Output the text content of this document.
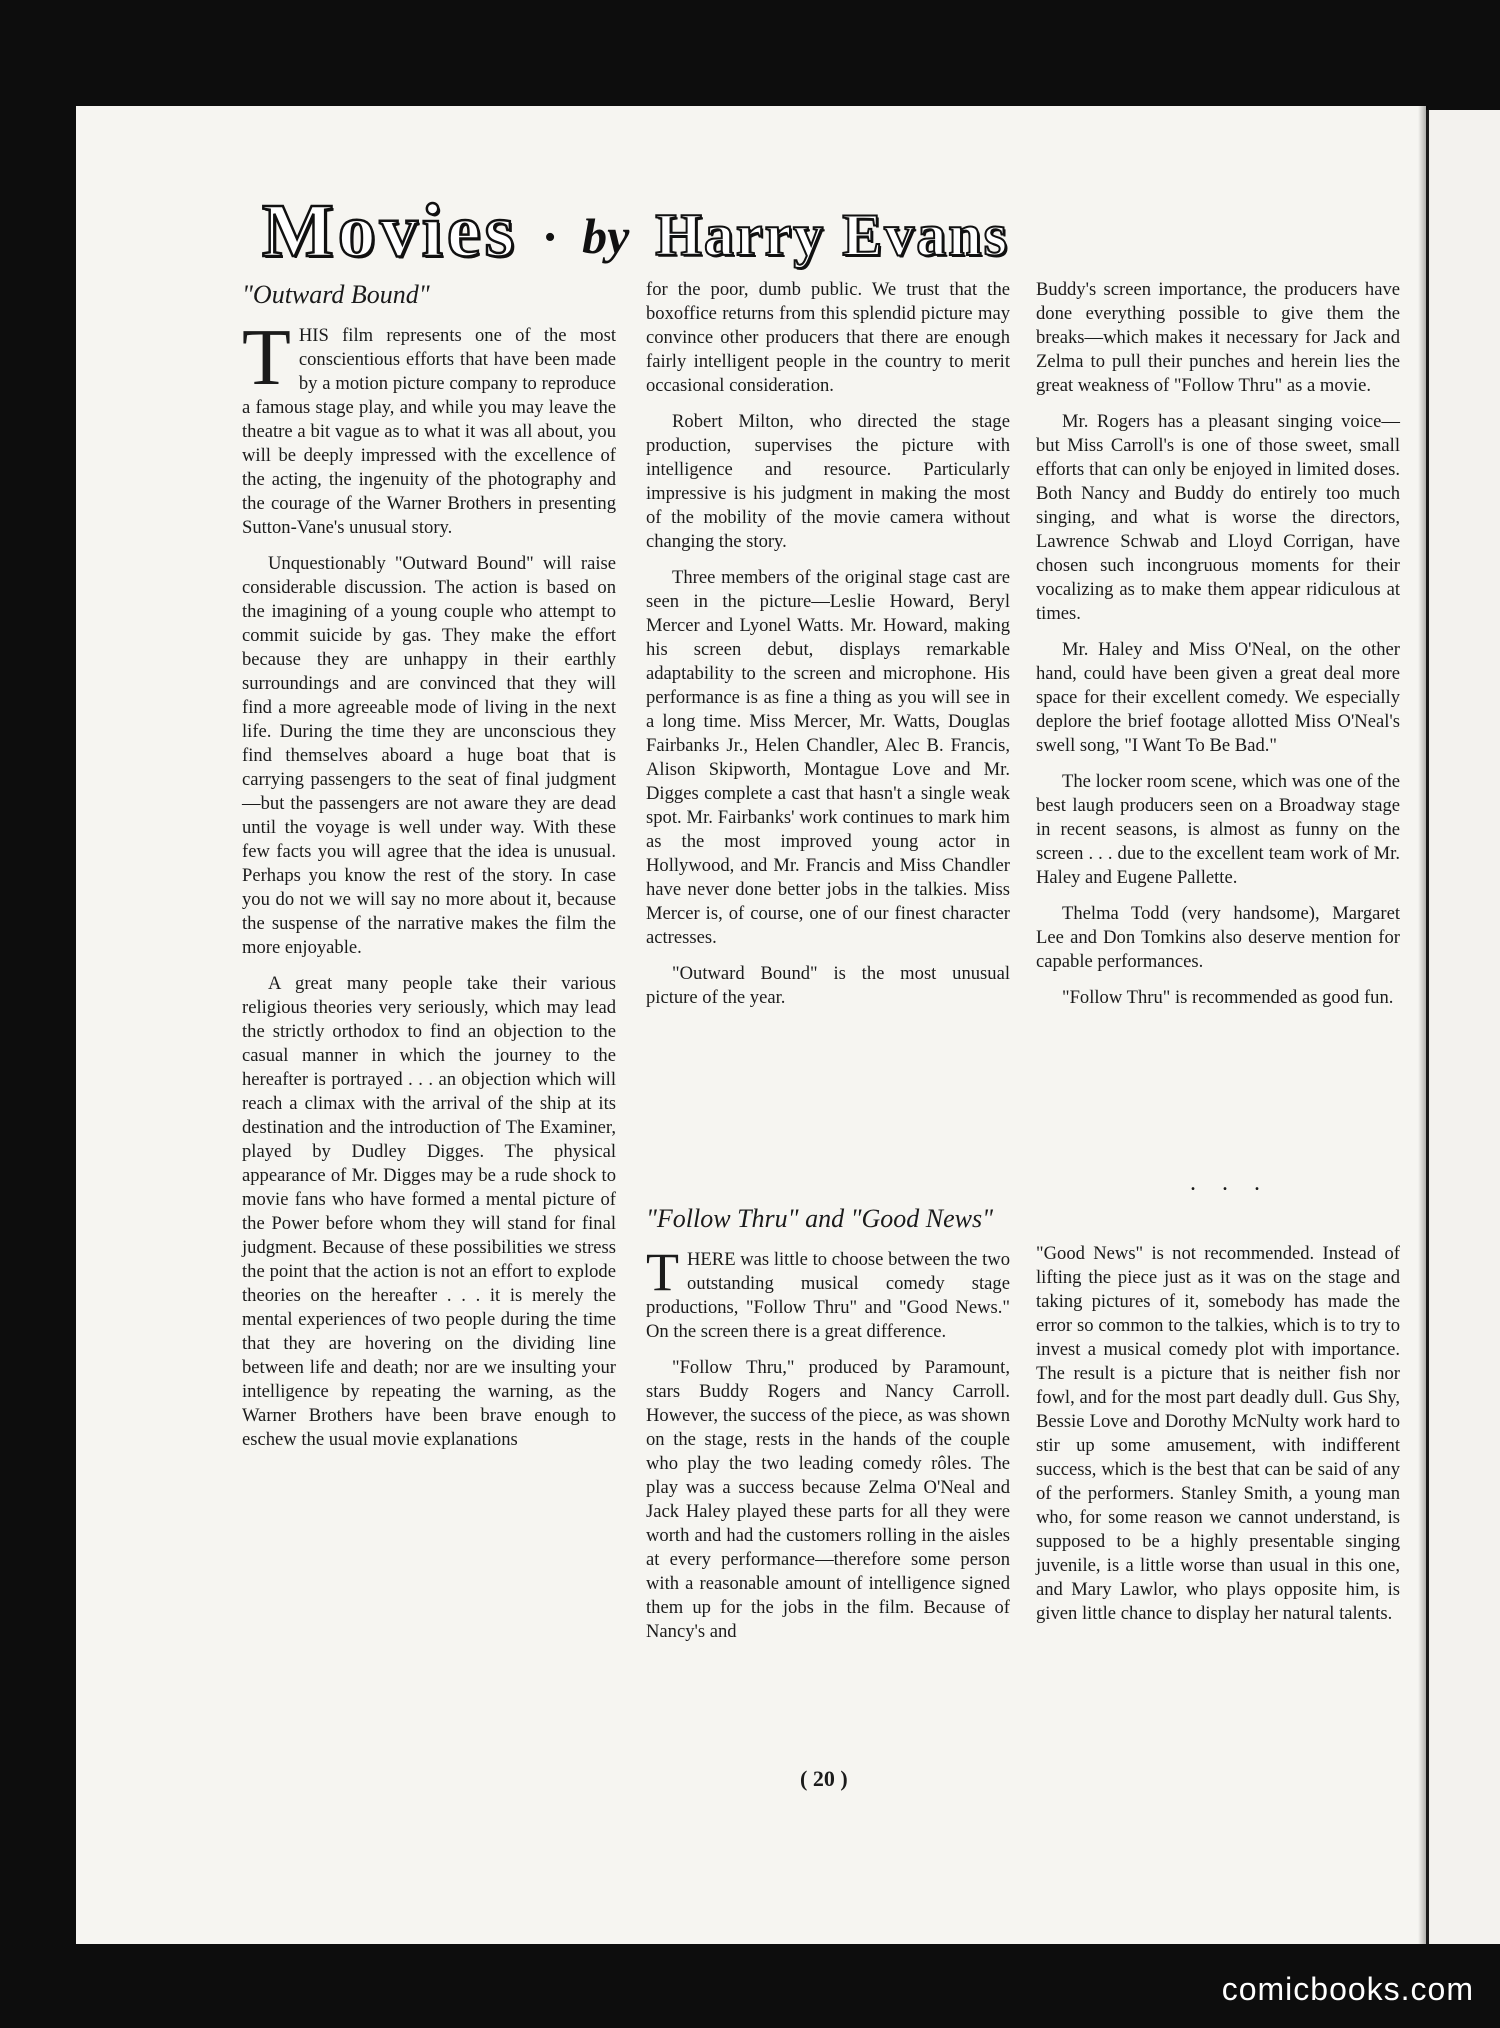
Movies • by Harry Evans

"Outward Bound"

THIS film represents one of the most conscientious efforts that have been made by a motion picture company to reproduce a famous stage play, and while you may leave the theatre a bit vague as to what it was all about, you will be deeply impressed with the excellence of the acting, the ingenuity of the photography and the courage of the Warner Brothers in presenting Sutton-Vane's unusual story.

Unquestionably "Outward Bound" will raise considerable discussion. The action is based on the imagining of a young couple who attempt to commit suicide by gas. They make the effort because they are unhappy in their earthly surroundings and are convinced that they will find a more agreeable mode of living in the next life. During the time they are unconscious they find themselves aboard a huge boat that is carrying passengers to the seat of final judgment—but the passengers are not aware they are dead until the voyage is well under way. With these few facts you will agree that the idea is unusual. Perhaps you know the rest of the story. In case you do not we will say no more about it, because the suspense of the narrative makes the film the more enjoyable.

A great many people take their various religious theories very seriously, which may lead the strictly orthodox to find an objection to the casual manner in which the journey to the hereafter is portrayed . . . an objection which will reach a climax with the arrival of the ship at its destination and the introduction of The Examiner, played by Dudley Digges. The physical appearance of Mr. Digges may be a rude shock to movie fans who have formed a mental picture of the Power before whom they will stand for final judgment. Because of these possibilities we stress the point that the action is not an effort to explode theories on the hereafter . . . it is merely the mental experiences of two people during the time that they are hovering on the dividing line between life and death; nor are we insulting your intelligence by repeating the warning, as the Warner Brothers have been brave enough to eschew the usual movie explanations

for the poor, dumb public. We trust that the boxoffice returns from this splendid picture may convince other producers that there are enough fairly intelligent people in the country to merit occasional consideration.

Robert Milton, who directed the stage production, supervises the picture with intelligence and resource. Particularly impressive is his judgment in making the most of the mobility of the movie camera without changing the story.

Three members of the original stage cast are seen in the picture—Leslie Howard, Beryl Mercer and Lyonel Watts. Mr. Howard, making his screen debut, displays remarkable adaptability to the screen and microphone. His performance is as fine a thing as you will see in a long time. Miss Mercer, Mr. Watts, Douglas Fairbanks Jr., Helen Chandler, Alec B. Francis, Alison Skipworth, Montague Love and Mr. Digges complete a cast that hasn't a single weak spot. Mr. Fairbanks' work continues to mark him as the most improved young actor in Hollywood, and Mr. Francis and Miss Chandler have never done better jobs in the talkies. Miss Mercer is, of course, one of our finest character actresses.

"Outward Bound" is the most unusual picture of the year.

"Follow Thru" and "Good News"

THERE was little to choose between the two outstanding musical comedy stage productions, "Follow Thru" and "Good News." On the screen there is a great difference.

"Follow Thru," produced by Paramount, stars Buddy Rogers and Nancy Carroll. However, the success of the piece, as was shown on the stage, rests in the hands of the couple who play the two leading comedy rôles. The play was a success because Zelma O'Neal and Jack Haley played these parts for all they were worth and had the customers rolling in the aisles at every performance—therefore some person with a reasonable amount of intelligence signed them up for the jobs in the film. Because of Nancy's and

Buddy's screen importance, the producers have done everything possible to give them the breaks—which makes it necessary for Jack and Zelma to pull their punches and herein lies the great weakness of "Follow Thru" as a movie.

Mr. Rogers has a pleasant singing voice—but Miss Carroll's is one of those sweet, small efforts that can only be enjoyed in limited doses. Both Nancy and Buddy do entirely too much singing, and what is worse the directors, Lawrence Schwab and Lloyd Corrigan, have chosen such incongruous moments for their vocalizing as to make them appear ridiculous at times.

Mr. Haley and Miss O'Neal, on the other hand, could have been given a great deal more space for their excellent comedy. We especially deplore the brief footage allotted Miss O'Neal's swell song, "I Want To Be Bad."

The locker room scene, which was one of the best laugh producers seen on a Broadway stage in recent seasons, is almost as funny on the screen . . . due to the excellent team work of Mr. Haley and Eugene Pallette.

Thelma Todd (very handsome), Margaret Lee and Don Tomkins also deserve mention for capable performances.

"Follow Thru" is recommended as good fun.

. . .

"Good News" is not recommended. Instead of lifting the piece just as it was on the stage and taking pictures of it, somebody has made the error so common to the talkies, which is to try to invest a musical comedy plot with importance. The result is a picture that is neither fish nor fowl, and for the most part deadly dull. Gus Shy, Bessie Love and Dorothy McNulty work hard to stir up some amusement, with indifferent success, which is the best that can be said of any of the performers. Stanley Smith, a young man who, for some reason we cannot understand, is supposed to be a highly presentable singing juvenile, is a little worse than usual in this one, and Mary Lawlor, who plays opposite him, is given little chance to display her natural talents.

( 20 )
comicbooks.com
